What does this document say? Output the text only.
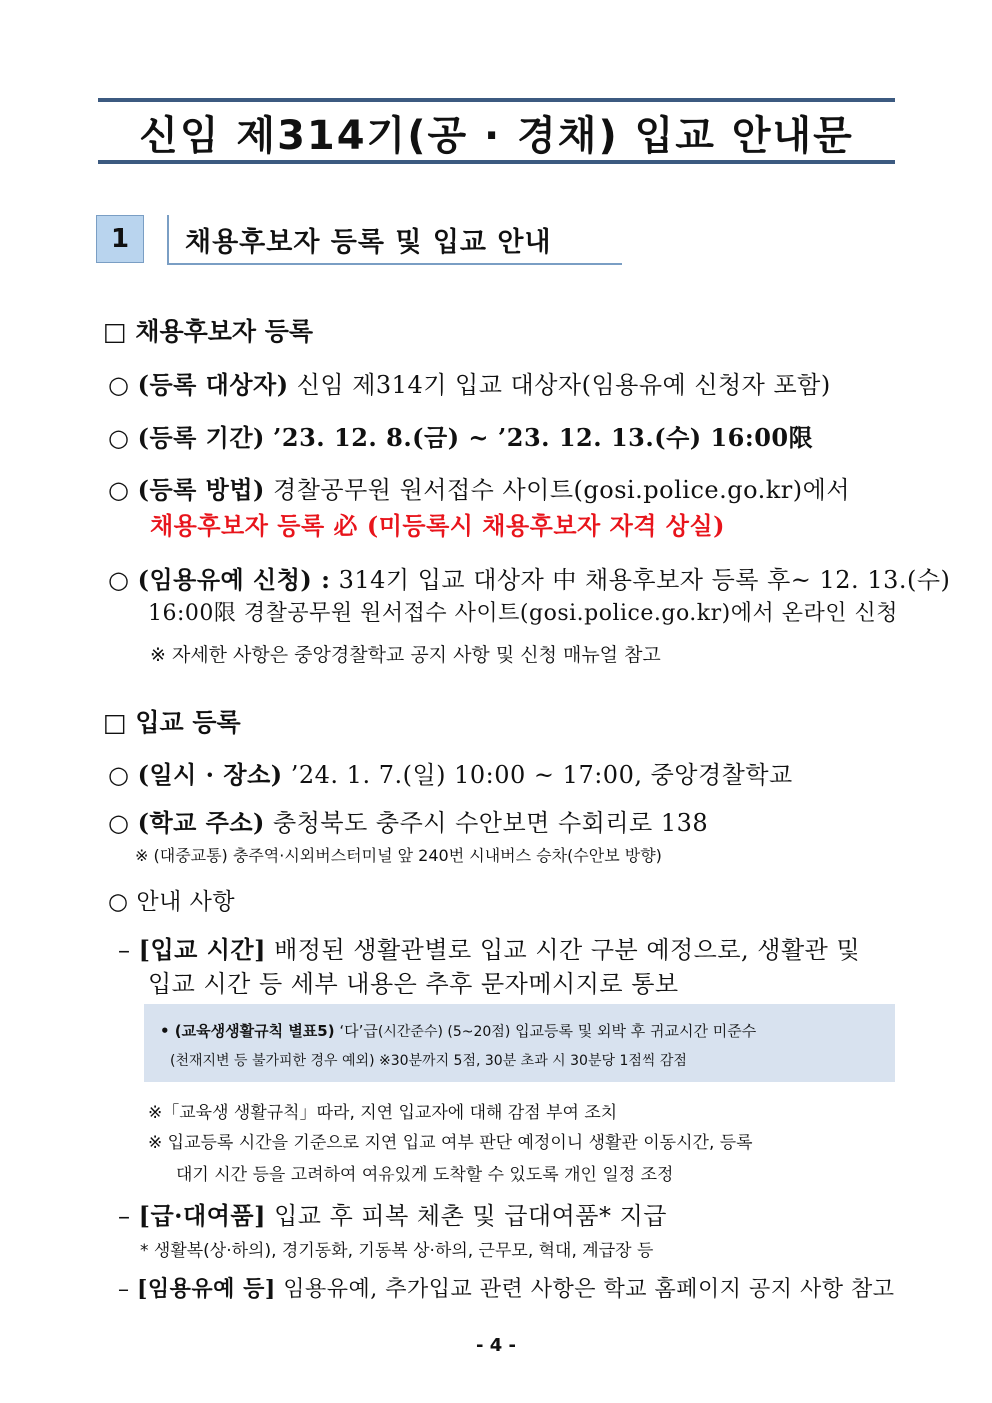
신임 제314기(공 · 경채) 입교 안내문
1	채용후보자 등록 및 입교 안내
□ 채용후보자 등록
○ (등록 대상자) 신임 제314기 입교 대상자(임용유예 신청자 포함)
○ (등록 기간) ’23. 12. 8.(금) ~ ’23. 12. 13.(수) 16:00限
○ (등록 방법) 경찰공무원 원서접수 사이트(gosi.police.go.kr)에서
채용후보자 등록 必 (미등록시 채용후보자 자격 상실)
○ (임용유예 신청) : 314기 입교 대상자 中 채용후보자 등록 후~ 12. 13.(수)
16:00限 경찰공무원 원서접수 사이트(gosi.police.go.kr)에서 온라인 신청
※ 자세한 사항은 중앙경찰학교 공지 사항 및 신청 매뉴얼 참고
□ 입교 등록
○ (일시 · 장소) ’24. 1. 7.(일) 10:00 ~ 17:00, 중앙경찰학교
○ (학교 주소) 충청북도 충주시 수안보면 수회리로 138
※ (대중교통) 충주역·시외버스터미널 앞 240번 시내버스 승차(수안보 방향)
○ 안내 사항
– [입교 시간] 배정된 생활관별로 입교 시간 구분 예정으로, 생활관 및
입교 시간 등 세부 내용은 추후 문자메시지로 통보
• (교육생생활규칙 별표5) ‘다’급(시간준수) (5~20점) 입교등록 및 외박 후 귀교시간 미준수
(천재지변 등 불가피한 경우 예외) ※30분까지 5점, 30분 초과 시 30분당 1점씩 감점
※「교육생 생활규칙」따라, 지연 입교자에 대해 감점 부여 조치
※ 입교등록 시간을 기준으로 지연 입교 여부 판단 예정이니 생활관 이동시간, 등록
대기 시간 등을 고려하여 여유있게 도착할 수 있도록 개인 일정 조정
– [급·대여품] 입교 후 피복 체촌 및 급대여품* 지급
* 생활복(상·하의), 경기동화, 기동복 상·하의, 근무모, 혁대, 계급장 등
– [임용유예 등] 임용유예, 추가입교 관련 사항은 학교 홈페이지 공지 사항 참고
- 4 -
